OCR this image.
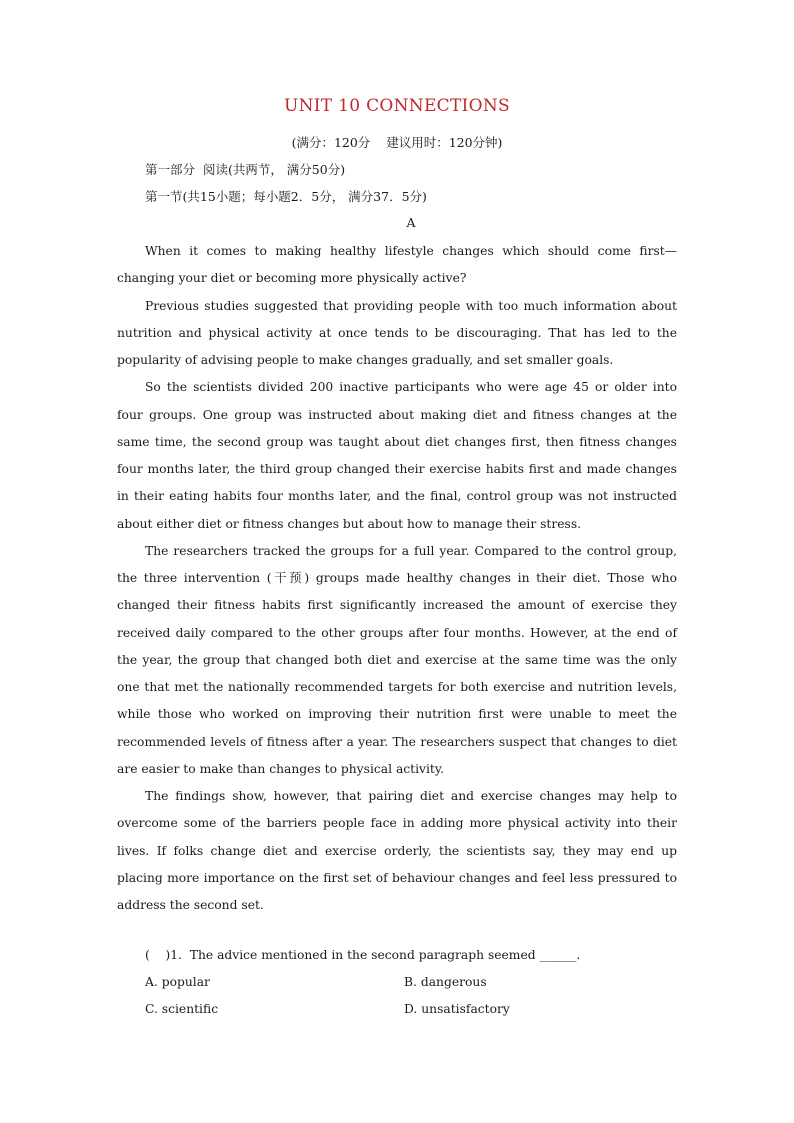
UNIT 10 CONNECTIONS
(满分：120分    建议用时：120分钟)
第一部分  阅读(共两节， 满分50分)
第一节(共15小题；每小题2．5分， 满分37．5分)
A

When it comes to making healthy lifestyle changes which should come first—changing your diet or becoming more physically active?

Previous studies suggested that providing people with too much information about nutrition and physical activity at once tends to be discouraging. That has led to the popularity of advising people to make changes gradually, and set smaller goals.

So the scientists divided 200 inactive participants who were age 45 or older into four groups. One group was instructed about making diet and fitness changes at the same time, the second group was taught about diet changes first, then fitness changes four months later, the third group changed their exercise habits first and made changes in their eating habits four months later, and the final, control group was not instructed about either diet or fitness changes but about how to manage their stress.

The researchers tracked the groups for a full year. Compared to the control group, the three intervention (干预) groups made healthy changes in their diet. Those who changed their fitness habits first significantly increased the amount of exercise they received daily compared to the other groups after four months. However, at the end of the year, the group that changed both diet and exercise at the same time was the only one that met the nationally recommended targets for both exercise and nutrition levels, while those who worked on improving their nutrition first were unable to meet the recommended levels of fitness after a year. The researchers suspect that changes to diet are easier to make than changes to physical activity.

The findings show, however, that pairing diet and exercise changes may help to overcome some of the barriers people face in adding more physical activity into their lives. If folks change diet and exercise orderly, the scientists say, they may end up placing more importance on the first set of behaviour changes and feel less pressured to address the second set.

(    )1.  The advice mentioned in the second paragraph seemed ______.
A. popular	B. dangerous
C. scientific	D. unsatisfactory
